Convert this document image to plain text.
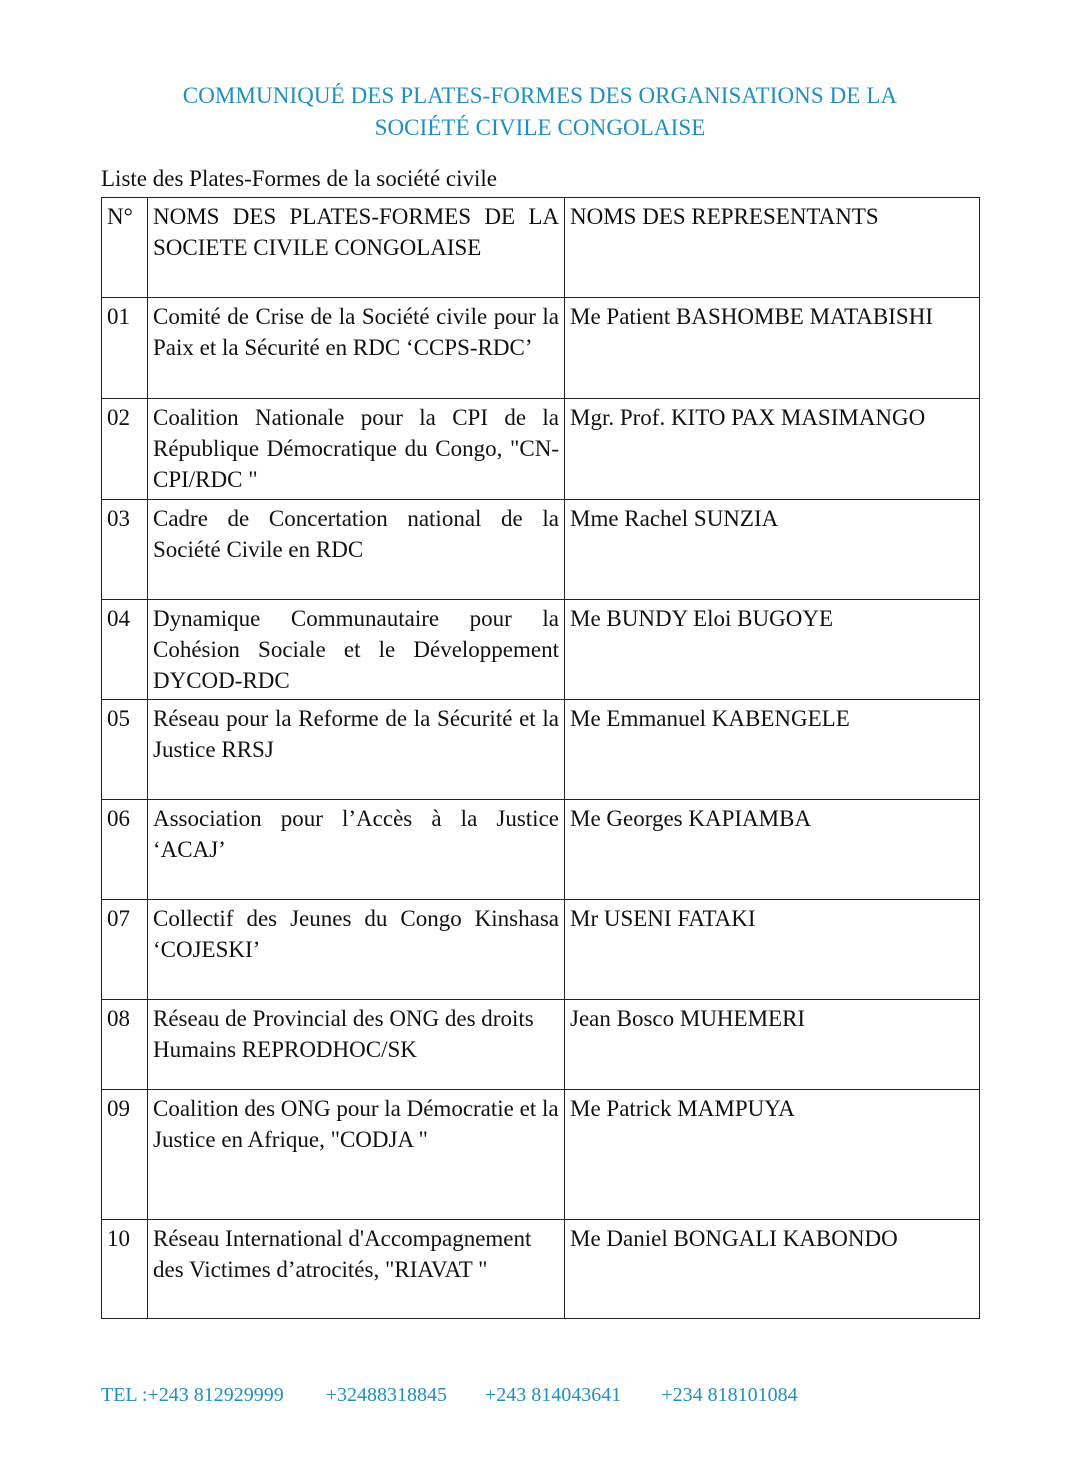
COMMUNIQUÉ DES PLATES-FORMES DES ORGANISATIONS DE LA
SOCIÉTÉ CIVILE CONGOLAISE
Liste des Plates-Formes de la société civile
N°	NOMS DES PLATES-FORMES DE LA SOCIETE CIVILE CONGOLAISE	NOMS DES REPRESENTANTS
01	Comité de Crise de la Société civile pour la Paix et la Sécurité en RDC ‘CCPS-RDC’	Me Patient BASHOMBE MATABISHI
02	Coalition Nationale pour la CPI de la République Démocratique du Congo, "CN-CPI/RDC "	Mgr. Prof. KITO PAX MASIMANGO
03	Cadre de Concertation national de la Société Civile en RDC	Mme Rachel SUNZIA
04	Dynamique Communautaire pour la Cohésion Sociale et le Développement DYCOD-RDC	Me BUNDY Eloi BUGOYE
05	Réseau pour la Reforme de la Sécurité et la Justice RRSJ	Me Emmanuel KABENGELE
06	Association pour l’Accès à la Justice ‘ACAJ’	Me Georges KAPIAMBA
07	Collectif des Jeunes du Congo Kinshasa ‘COJESKI’	Mr USENI FATAKI
08	Réseau de Provincial des ONG des droits Humains REPRODHOC/SK	Jean Bosco MUHEMERI
09	Coalition des ONG pour la Démocratie et la Justice en Afrique, "CODJA "	Me Patrick MAMPUYA
10	Réseau International d'Accompagnement des Victimes d’atrocités, "RIAVAT "	Me Daniel BONGALI KABONDO
TEL :+243 812929999 +32488318845 +243 814043641 +234 818101084
